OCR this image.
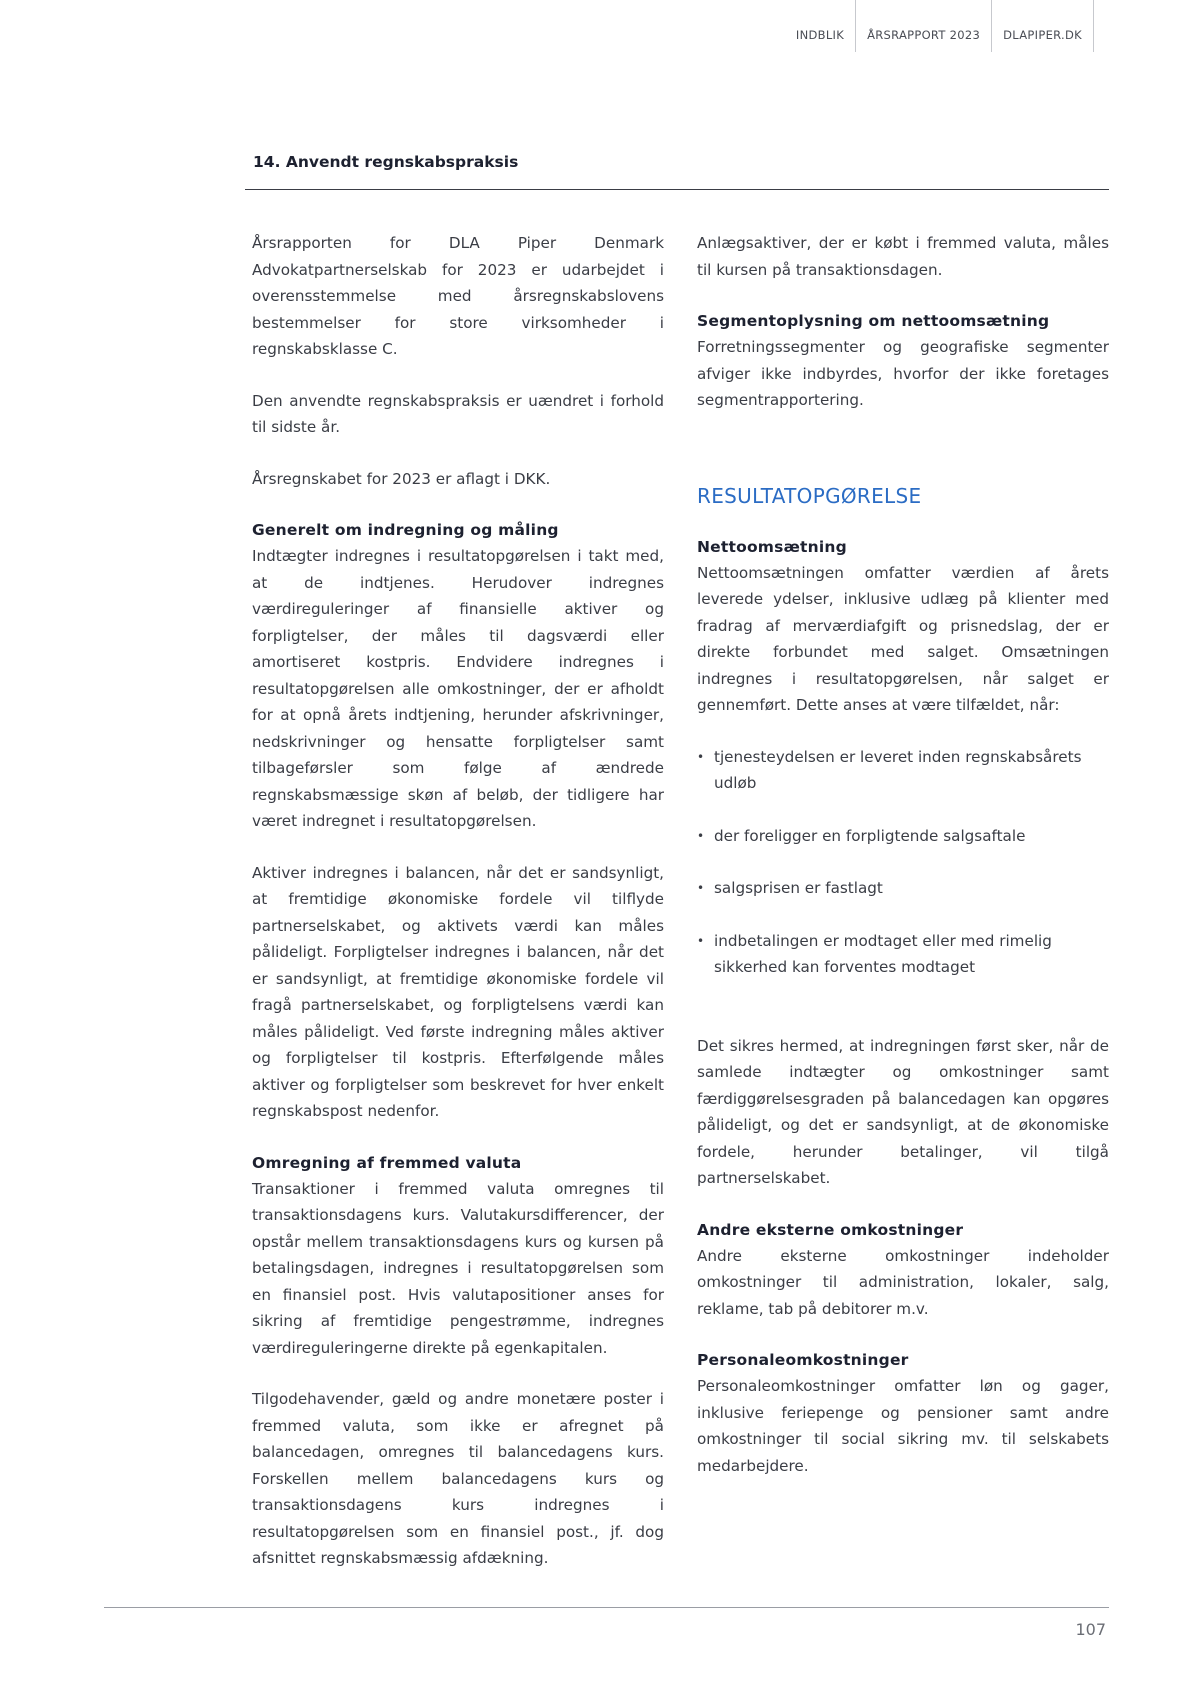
INDBLIK	ÅRSRAPPORT 2023	DLAPIPER.DK
14. Anvendt regnskabspraksis

Årsrapporten for DLA Piper Denmark Advokatpartnerselskab for 2023 er udarbejdet i overensstemmelse med årsregnskabslovens bestemmelser for store virksomheder i regnskabsklasse C.

Den anvendte regnskabspraksis er uændret i forhold til sidste år.

Årsregnskabet for 2023 er aflagt i DKK.

Generelt om indregning og måling

Indtægter indregnes i resultatopgørelsen i takt med, at de indtjenes. Herudover indregnes værdireguleringer af finansielle aktiver og forpligtelser, der måles til dagsværdi eller amortiseret kostpris. Endvidere indregnes i resultatopgørelsen alle omkostninger, der er afholdt for at opnå årets indtjening, herunder afskrivninger, nedskrivninger og hensatte forpligtelser samt tilbageførsler som følge af ændrede regnskabsmæssige skøn af beløb, der tidligere har været indregnet i resultatopgørelsen.

Aktiver indregnes i balancen, når det er sandsynligt, at fremtidige økonomiske fordele vil tilflyde partnerselskabet, og aktivets værdi kan måles pålideligt. Forpligtelser indregnes i balancen, når det er sandsynligt, at fremtidige økonomiske fordele vil fragå partnerselskabet, og forpligtelsens værdi kan måles pålideligt. Ved første indregning måles aktiver og forpligtelser til kostpris. Efterfølgende måles aktiver og forpligtelser som beskrevet for hver enkelt regnskabspost nedenfor.

Omregning af fremmed valuta

Transaktioner i fremmed valuta omregnes til transaktionsdagens kurs. Valutakursdifferencer, der opstår mellem transaktionsdagens kurs og kursen på betalingsdagen, indregnes i resultatopgørelsen som en finansiel post. Hvis valutapositioner anses for sikring af fremtidige pengestrømme, indregnes værdireguleringerne direkte på egenkapitalen.

Tilgodehavender, gæld og andre monetære poster i fremmed valuta, som ikke er afregnet på balancedagen, omregnes til balancedagens kurs. Forskellen mellem balancedagens kurs og transaktionsdagens kurs indregnes i resultatopgørelsen som en finansiel post., jf. dog afsnittet regnskabsmæssig afdækning.

Anlægsaktiver, der er købt i fremmed valuta, måles til kursen på transaktionsdagen.

Segmentoplysning om nettoomsætning

Forretningssegmenter og geografiske segmenter afviger ikke indbyrdes, hvorfor der ikke foretages segmentrapportering.

RESULTATOPGØRELSE
Nettoomsætning

Nettoomsætningen omfatter værdien af årets leverede ydelser, inklusive udlæg på klienter med fradrag af merværdiafgift og prisnedslag, der er direkte forbundet med salget. Omsætningen indregnes i resultatopgørelsen, når salget er gennemført. Dette anses at være tilfældet, når:

• tjenesteydelsen er leveret inden regnskabsårets udløb
• der foreligger en forpligtende salgsaftale
• salgsprisen er fastlagt
• indbetalingen er modtaget eller med rimelig sikkerhed kan forventes modtaget

Det sikres hermed, at indregningen først sker, når de samlede indtægter og omkostninger samt færdiggørelsesgraden på balancedagen kan opgøres pålideligt, og det er sandsynligt, at de økonomiske fordele, herunder betalinger, vil tilgå partnerselskabet.

Andre eksterne omkostninger

Andre eksterne omkostninger indeholder omkostninger til administration, lokaler, salg, reklame, tab på debitorer m.v.

Personaleomkostninger

Personaleomkostninger omfatter løn og gager, inklusive feriepenge og pensioner samt andre omkostninger til social sikring mv. til selskabets medarbejdere.

107
